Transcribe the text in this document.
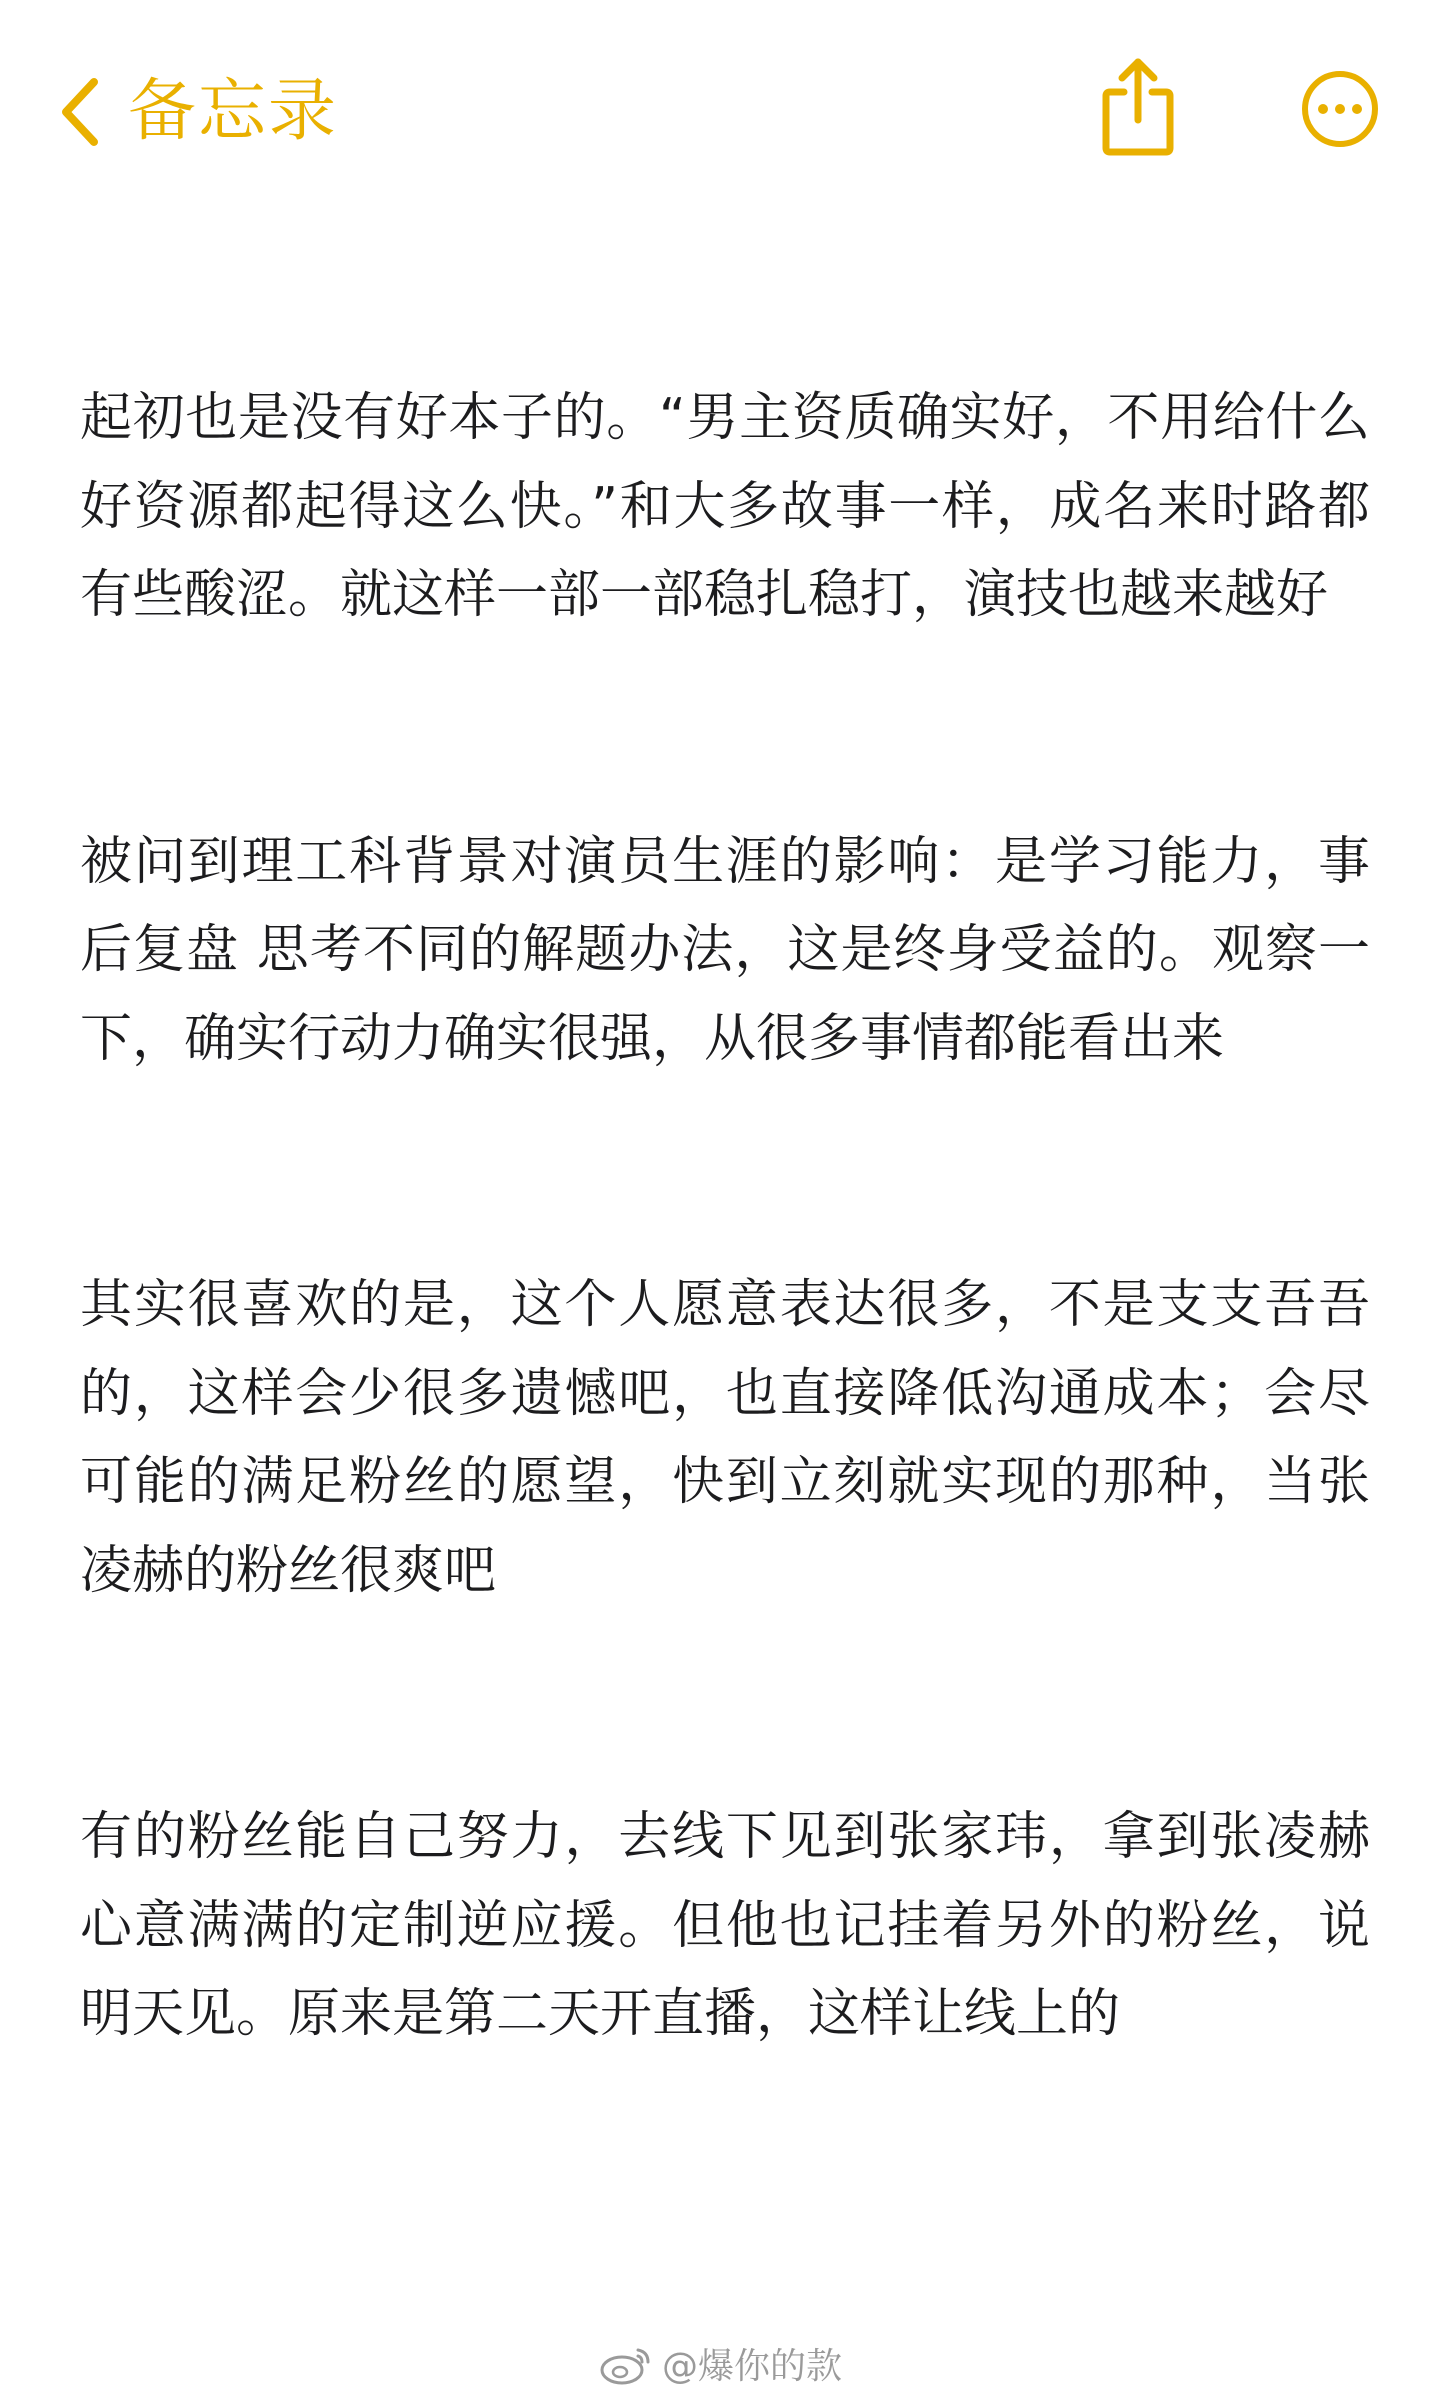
备忘录

起初也是没有好本子的。“男主资质确实好，不用给什么好资源都起得这么快。”和大多故事一样，成名来时路都有些酸涩。就这样一部一部稳扎稳打，演技也越来越好

被问到理工科背景对演员生涯的影响：是学习能力，事后复盘 思考不同的解题办法，这是终身受益的。观察一下，确实行动力确实很强，从很多事情都能看出来

其实很喜欢的是，这个人愿意表达很多，不是支支吾吾的，这样会少很多遗憾吧，也直接降低沟通成本；会尽可能的满足粉丝的愿望，快到立刻就实现的那种，当张凌赫的粉丝很爽吧

有的粉丝能自己努力，去线下见到张家玮，拿到张凌赫心意满满的定制逆应援。但他也记挂着另外的粉丝，说明天见。原来是第二天开直播，这样让线上的

@爆你的款
